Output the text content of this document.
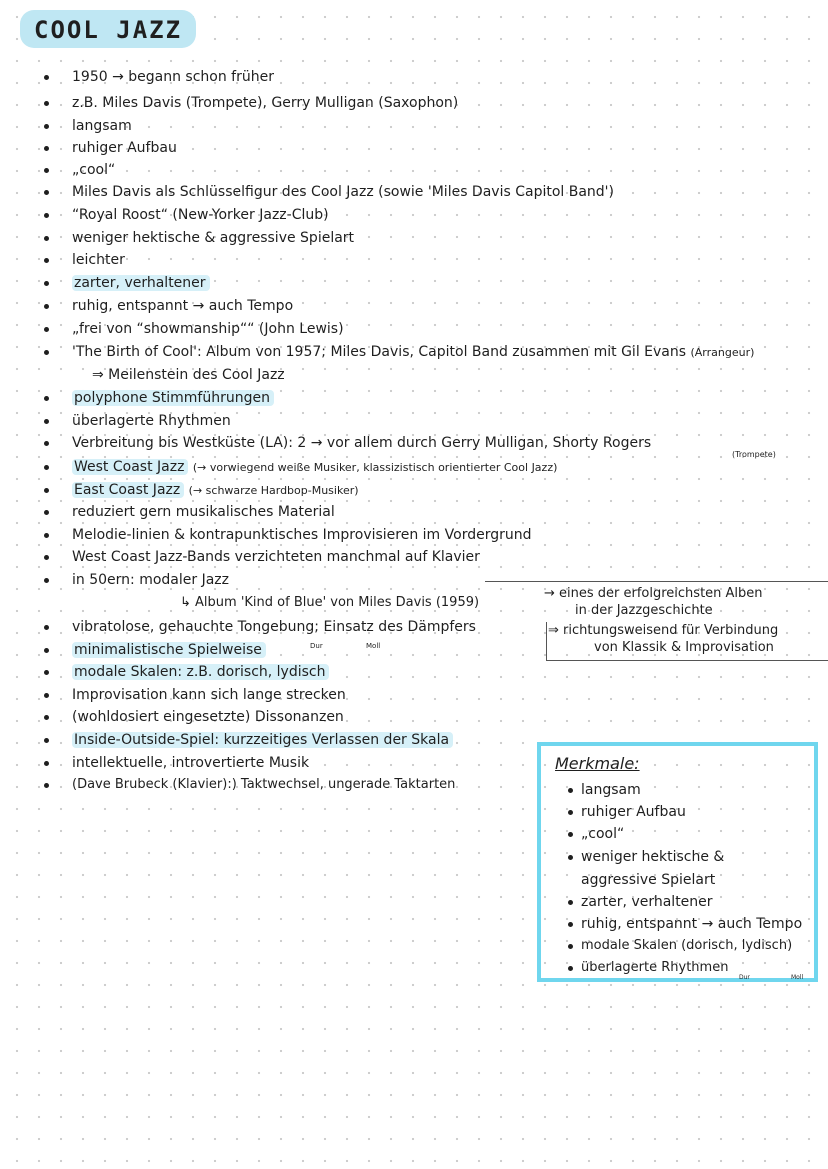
COOL JAZZ
1950 → begann schon früher
z.B. Miles Davis (Trompete), Gerry Mulligan (Saxophon)
langsam
ruhiger Aufbau
„cool“
Miles Davis als Schlüsselfigur des Cool Jazz (sowie 'Miles Davis Capitol Band')
“Royal Roost“ (New-Yorker Jazz-Club)
weniger hektische & aggressive Spielart
leichter
zarter, verhaltener
ruhig, entspannt → auch Tempo
„frei von “showmanship““ (John Lewis)
'The Birth of Cool': Album von 1957; Miles Davis, Capitol Band zusammen mit Gil Evans (Arrangeur)
⇒ Meilenstein des Cool Jazz
polyphone Stimmführungen
überlagerte Rhythmen
Verbreitung bis Westküste (LA): 2 → vor allem durch Gerry Mulligan, Shorty Rogers
(Trompete)
West Coast Jazz (→ vorwiegend weiße Musiker, klassizistisch orientierter Cool Jazz)
East Coast Jazz (→ schwarze Hardbop-Musiker)
reduziert gern musikalisches Material
Melodie-linien & kontrapunktisches Improvisieren im Vordergrund
West Coast Jazz-Bands verzichteten manchmal auf Klavier
in 50ern: modaler Jazz
↳ Album 'Kind of Blue' von Miles Davis (1959)
vibratolose, gehauchte Tongebung; Einsatz des Dämpfers
minimalistische Spielweise	Dur	Moll
modale Skalen: z.B. dorisch, lydisch
Improvisation kann sich lange strecken
(wohldosiert eingesetzte) Dissonanzen
Inside-Outside-Spiel: kurzzeitiges Verlassen der Skala
intellektuelle, introvertierte Musik
(Dave Brubeck (Klavier):) Taktwechsel, ungerade Taktarten
→ eines der erfolgreichsten Alben
in der Jazzgeschichte
⇒ richtungsweisend für Verbindung
von Klassik & Improvisation
Merkmale:
langsam
ruhiger Aufbau
„cool“
weniger hektische &
aggressive Spielart
zarter, verhaltener
ruhig, entspannt → auch Tempo
modale Skalen (dorisch, lydisch)
überlagerte Rhythmen
Dur	Moll
